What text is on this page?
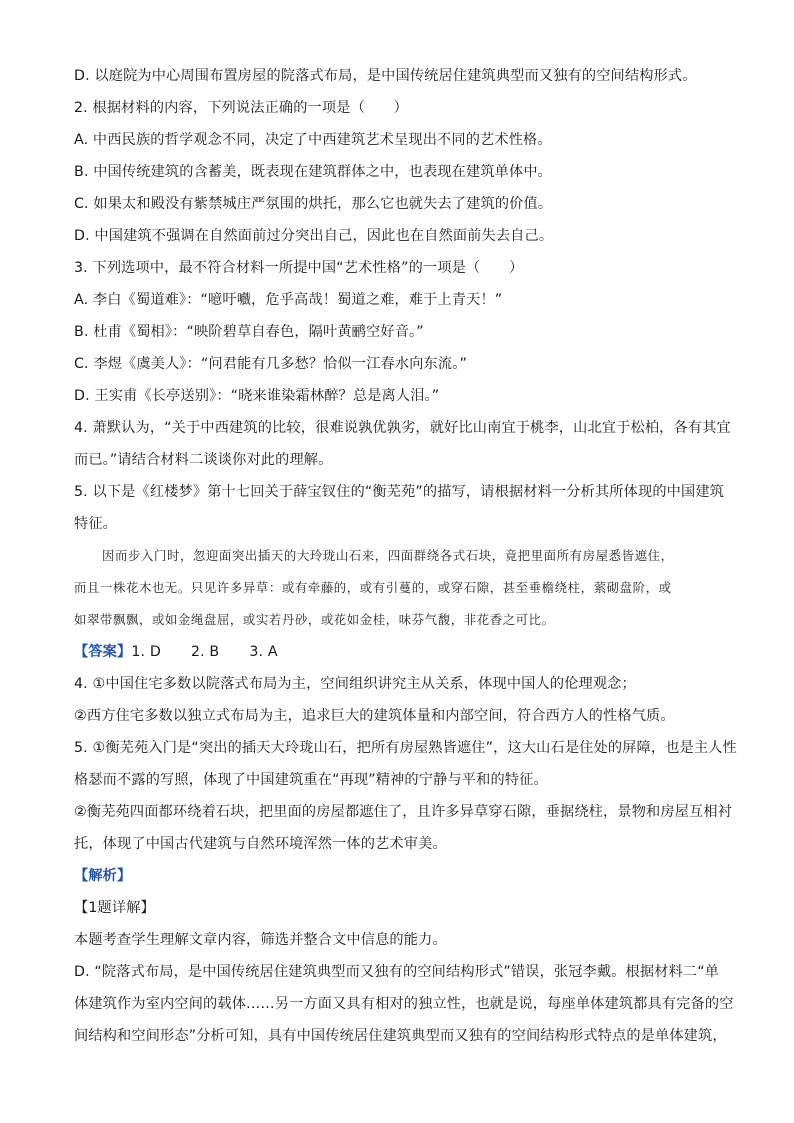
D. 以庭院为中心周围布置房屋的院落式布局，是中国传统居住建筑典型而又独有的空间结构形式。
2. 根据材料的内容，下列说法正确的一项是（　　）
A. 中西民族的哲学观念不同，决定了中西建筑艺术呈现出不同的艺术性格。
B. 中国传统建筑的含蓄美，既表现在建筑群体之中，也表现在建筑单体中。
C. 如果太和殿没有紫禁城庄严氛围的烘托，那么它也就失去了建筑的价值。
D. 中国建筑不强调在自然面前过分突出自己，因此也在自然面前失去自己。
3. 下列选项中，最不符合材料一所提中国“艺术性格”的一项是（　　）
A. 李白《蜀道难》：“噫吁嚱，危乎高哉！蜀道之难，难于上青天！”
B. 杜甫《蜀相》：“映阶碧草自春色，隔叶黄鹂空好音。”
C. 李煜《虞美人》：“问君能有几多愁？恰似一江春水向东流。”
D. 王实甫《长亭送别》：“晓来谁染霜林醉？总是离人泪。”
4. 萧默认为，“关于中西建筑的比较，很难说孰优孰劣，就好比山南宜于桃李，山北宜于松柏，各有其宜
而已。”请结合材料二谈谈你对此的理解。
5. 以下是《红楼梦》第十七回关于薛宝钗住的“衡芜苑”的描写，请根据材料一分析其所体现的中国建筑
特征。
因而步入门时，忽迎面突出插天的大玲珑山石来，四面群绕各式石块，竟把里面所有房屋悉皆遮住，
而且一株花木也无。只见许多异草：或有牵藤的，或有引蔓的，或穿石隙，甚至垂檐绕柱，萦砌盘阶，或
如翠带飘飘，或如金绳盘屈，或实若丹砂，或花如金桂，味芬气馥，非花香之可比。
【答案】1. D 2. B 3. A
4. ①中国住宅多数以院落式布局为主，空间组织讲究主从关系，体现中国人的伦理观念；
②西方住宅多数以独立式布局为主，追求巨大的建筑体量和内部空间，符合西方人的性格气质。
5. ①衡芜苑入门是“突出的插天大玲珑山石，把所有房屋熟皆遮住”，这大山石是住处的屏障，也是主人性
格瑟而不露的写照，体现了中国建筑重在“再现”精神的宁静与平和的特征。
②衡芜苑四面都环绕着石块，把里面的房屋都遮住了，且许多异草穿石隙，垂据绕柱，景物和房屋互相衬
托，体现了中国古代建筑与自然环境浑然一体的艺术审美。
【解析】
【1题详解】
本题考查学生理解文章内容，筛选并整合文中信息的能力。
D. “院落式布局，是中国传统居住建筑典型而又独有的空间结构形式”错误，张冠李戴。根据材料二“单
体建筑作为室内空间的载体……另一方面又具有相对的独立性，也就是说，每座单体建筑都具有完备的空
间结构和空间形态”分析可知，具有中国传统居住建筑典型而又独有的空间结构形式特点的是单体建筑，
